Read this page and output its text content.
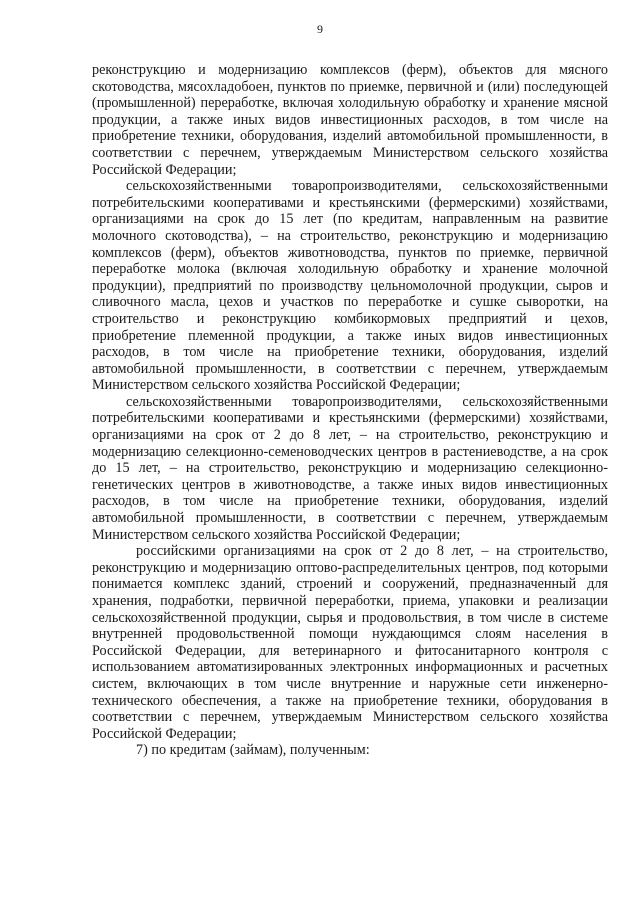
9

реконструкцию и модернизацию комплексов (ферм), объектов для мясного скотоводства, мясохладобоен, пунктов по приемке, первичной и (или) последующей (промышленной) переработке, включая холодильную обработку и хранение мясной продукции, а также иных видов инвестиционных расходов, в том числе на приобретение техники, оборудования, изделий автомобильной промышленности, в соответствии с перечнем, утверждаемым Министерством сельского хозяйства Российской Федерации;

сельскохозяйственными товаропроизводителями, сельскохозяйственными потребительскими кооперативами и крестьянскими (фермерскими) хозяйствами, организациями на срок до 15 лет (по кредитам, направленным на развитие молочного скотоводства), – на строительство, реконструкцию и модернизацию комплексов (ферм), объектов животноводства, пунктов по приемке, первичной переработке молока (включая холодильную обработку и хранение молочной продукции), предприятий по производству цельномолочной продукции, сыров и сливочного масла, цехов и участков по переработке и сушке сыворотки, на строительство и реконструкцию комбикормовых предприятий и цехов, приобретение племенной продукции, а также иных видов инвестиционных расходов, в том числе на приобретение техники, оборудования, изделий автомобильной промышленности, в соответствии с перечнем, утверждаемым Министерством сельского хозяйства Российской Федерации;

сельскохозяйственными товаропроизводителями, сельскохозяйственными потребительскими кооперативами и крестьянскими (фермерскими) хозяйствами, организациями на срок от 2 до 8 лет, – на строительство, реконструкцию и модернизацию селекционно-семеноводческих центров в растениеводстве, а на срок до 15 лет, – на строительство, реконструкцию и модернизацию селекционно-генетических центров в животноводстве, а также иных видов инвестиционных расходов, в том числе на приобретение техники, оборудования, изделий автомобильной промышленности, в соответствии с перечнем, утверждаемым Министерством сельского хозяйства Российской Федерации;

российскими организациями на срок от 2 до 8 лет, – на строительство, реконструкцию и модернизацию оптово-распределительных центров, под которыми понимается комплекс зданий, строений и сооружений, предназначенный для хранения, подработки, первичной переработки, приема, упаковки и реализации сельскохозяйственной продукции, сырья и продовольствия, в том числе в системе внутренней продовольственной помощи нуждающимся слоям населения в Российской Федерации, для ветеринарного и фитосанитарного контроля с использованием автоматизированных электронных информационных и расчетных систем, включающих в том числе внутренние и наружные сети инженерно-технического обеспечения, а также на приобретение техники, оборудования в соответствии с перечнем, утверждаемым Министерством сельского хозяйства Российской Федерации;

7) по кредитам (займам), полученным:
